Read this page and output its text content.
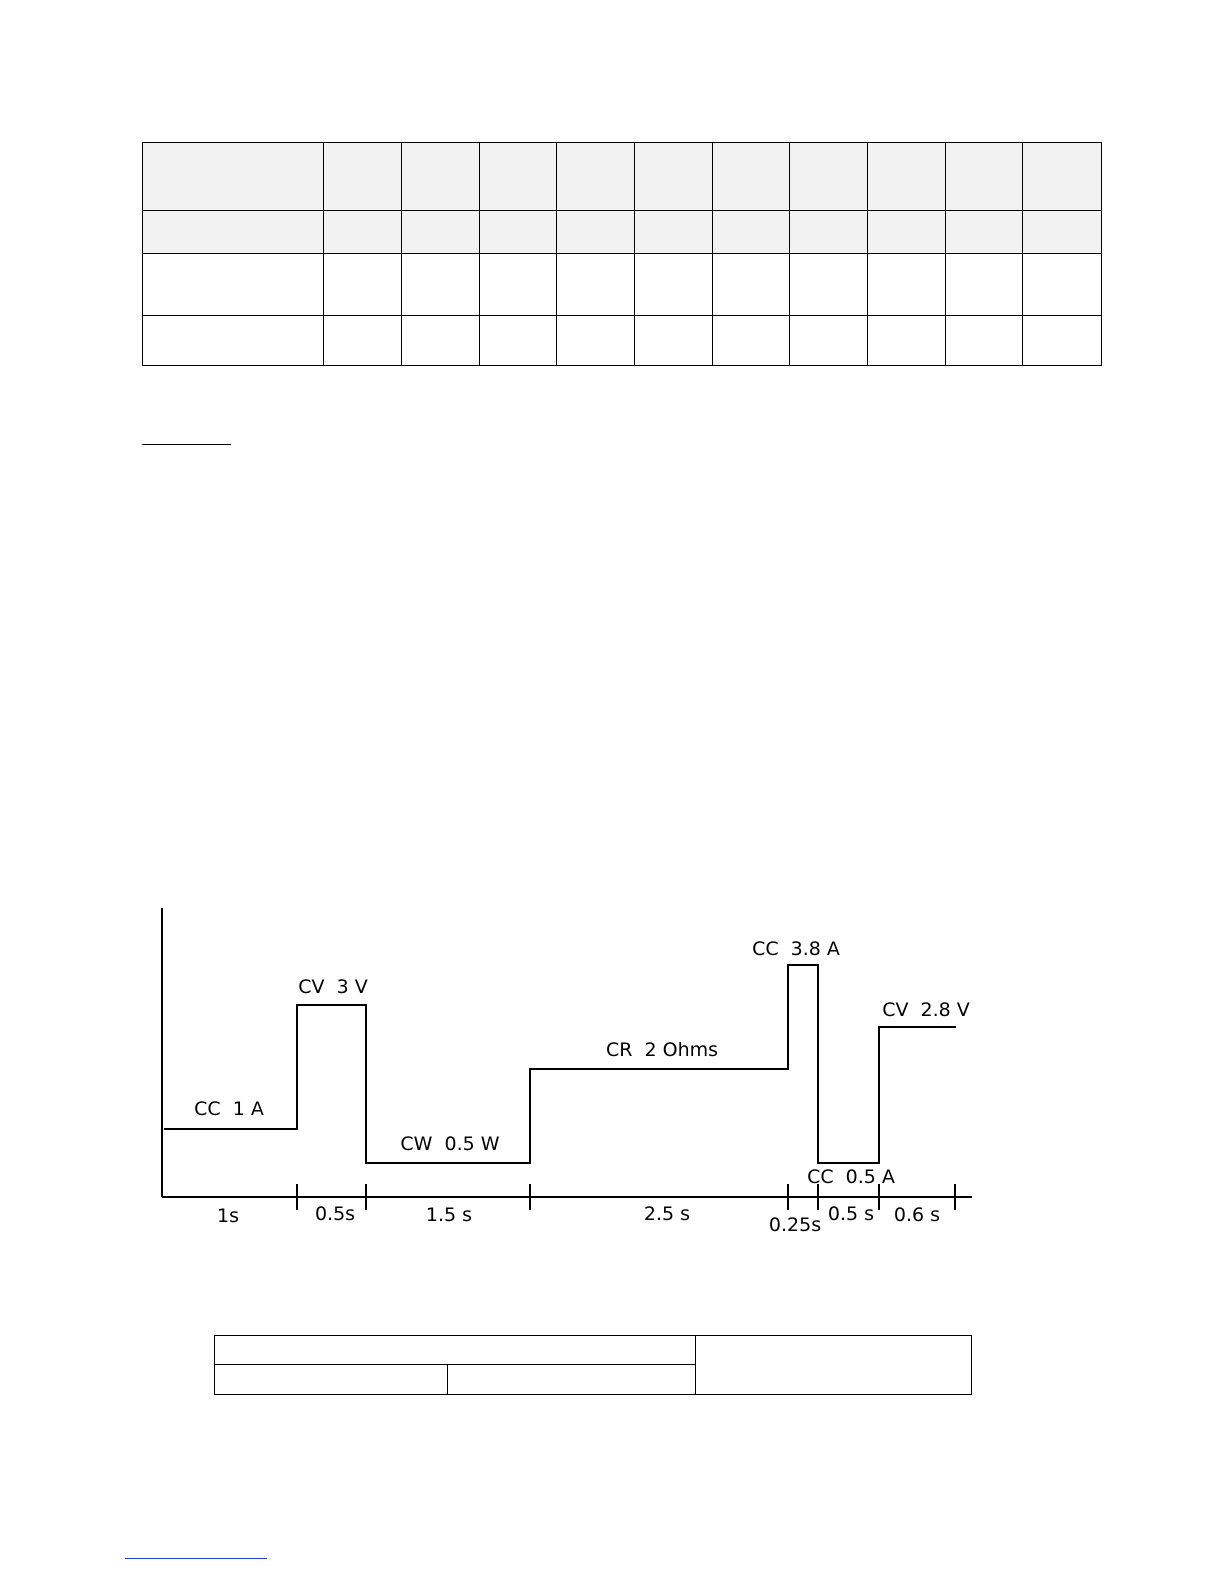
CC  1 A
CV  3 V
CW  0.5 W
CR  2 Ohms
CC  3.8 A
CC  0.5 A
CV  2.8 V
1s	0.5s	1.5 s	2.5 s	0.25s 0.5 s 0.6 s
